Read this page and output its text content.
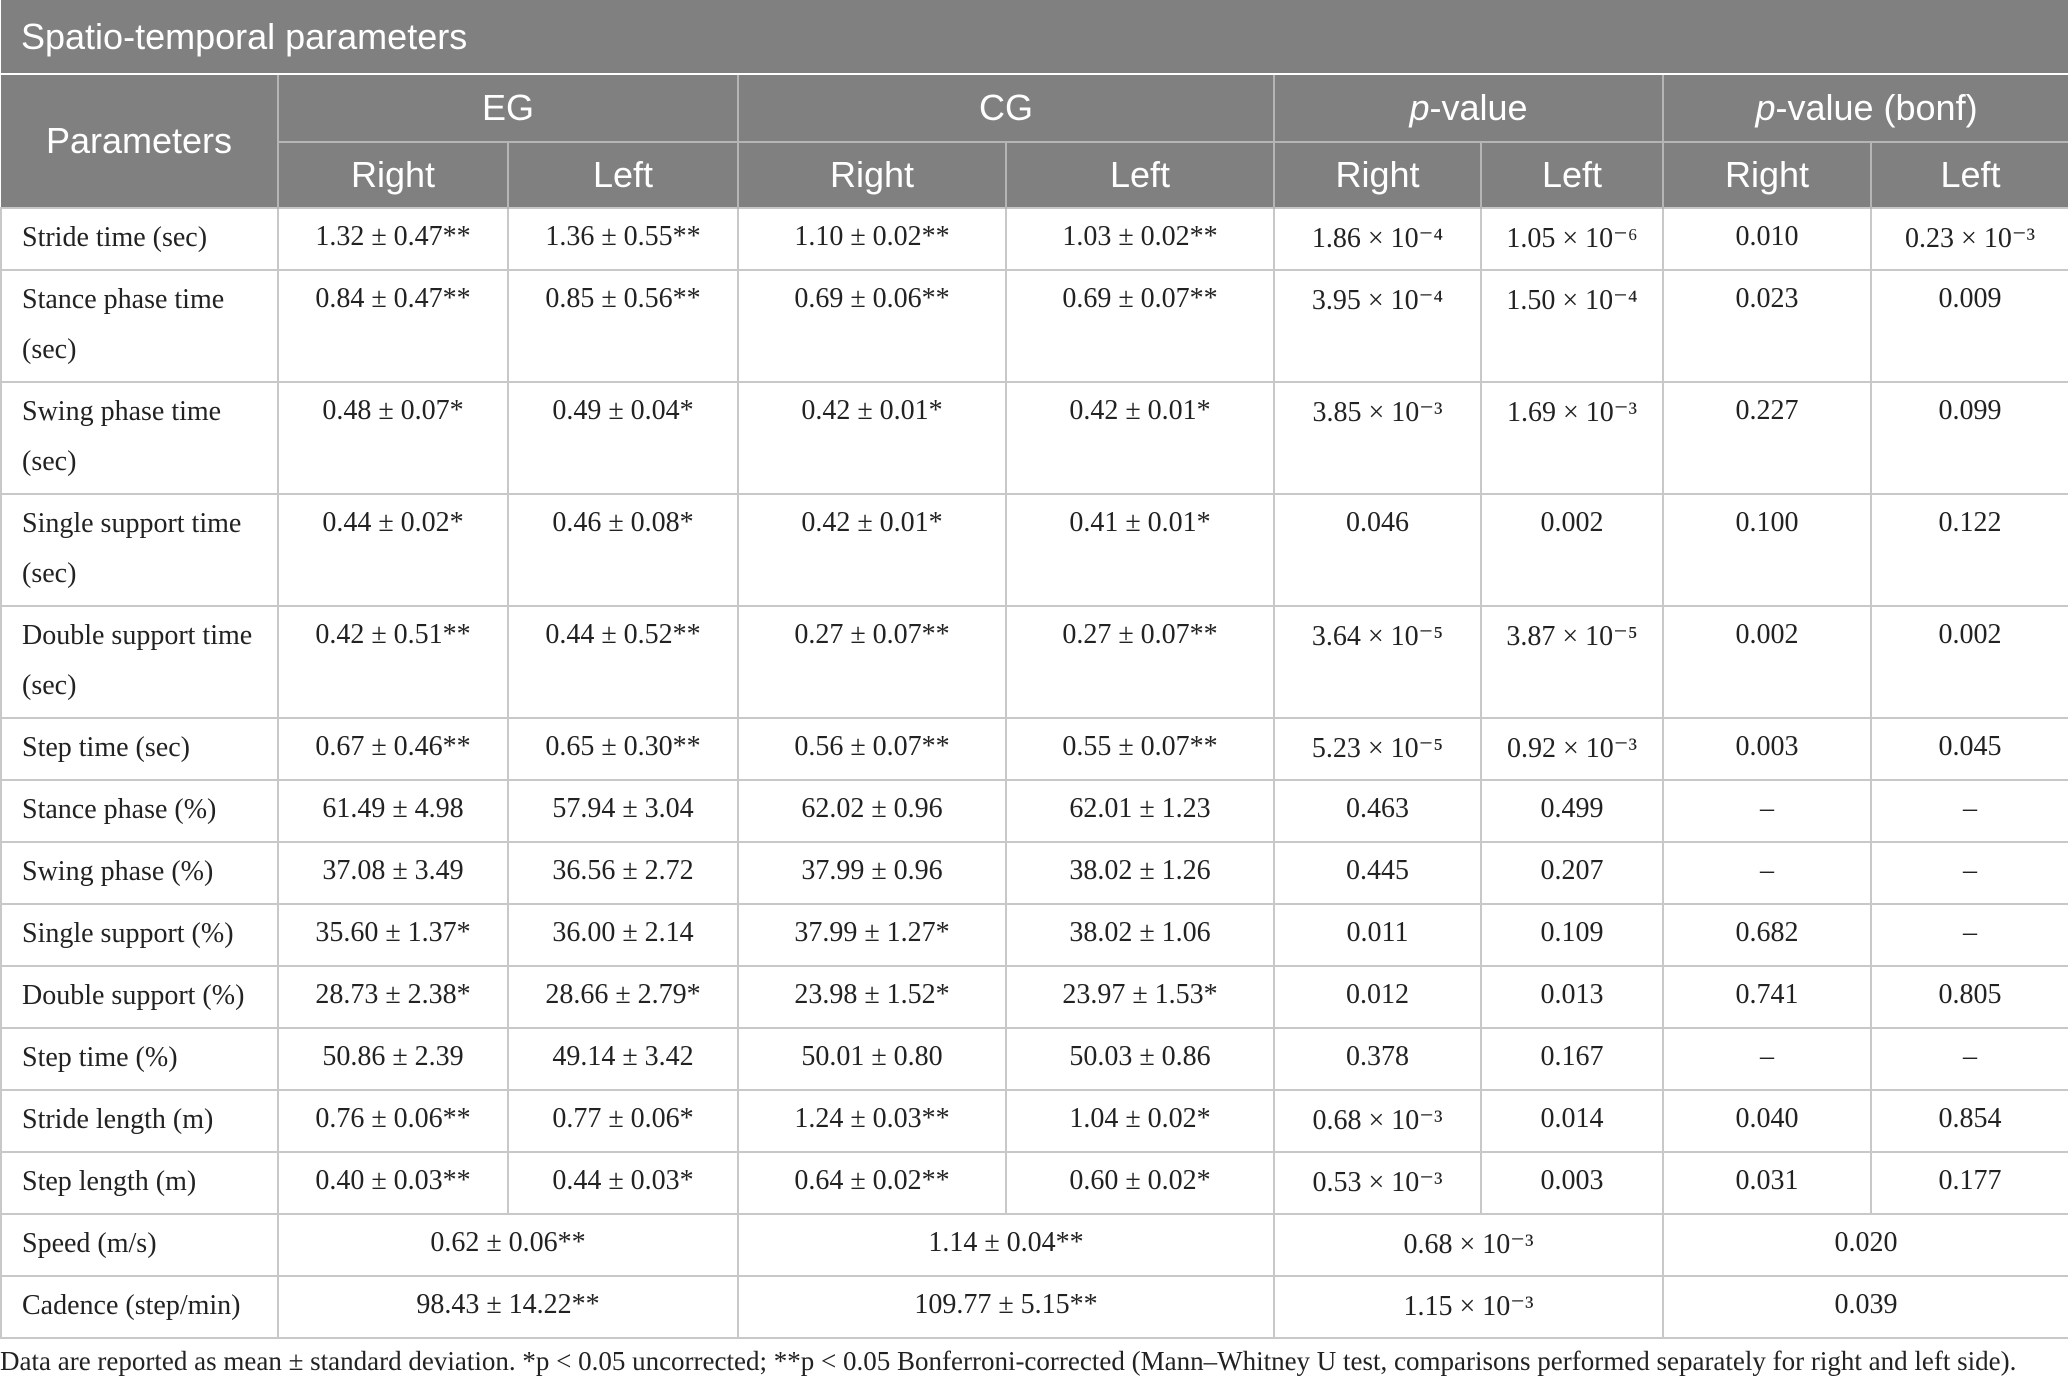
Spatio-temporal parameters								
Parameters	EG		CG		p-value		p-value (bonf)	
	Right	Left	Right	Left	Right	Left	Right	Left
Stride time (sec)	1.32 ± 0.47**	1.36 ± 0.55**	1.10 ± 0.02**	1.03 ± 0.02**	1.86 × 10⁻⁴	1.05 × 10⁻⁶	0.010	0.23 × 10⁻³
Stance phase time (sec)	0.84 ± 0.47**	0.85 ± 0.56**	0.69 ± 0.06**	0.69 ± 0.07**	3.95 × 10⁻⁴	1.50 × 10⁻⁴	0.023	0.009
Swing phase time (sec)	0.48 ± 0.07*	0.49 ± 0.04*	0.42 ± 0.01*	0.42 ± 0.01*	3.85 × 10⁻³	1.69 × 10⁻³	0.227	0.099
Single support time (sec)	0.44 ± 0.02*	0.46 ± 0.08*	0.42 ± 0.01*	0.41 ± 0.01*	0.046	0.002	0.100	0.122
Double support time (sec)	0.42 ± 0.51**	0.44 ± 0.52**	0.27 ± 0.07**	0.27 ± 0.07**	3.64 × 10⁻⁵	3.87 × 10⁻⁵	0.002	0.002
Step time (sec)	0.67 ± 0.46**	0.65 ± 0.30**	0.56 ± 0.07**	0.55 ± 0.07**	5.23 × 10⁻⁵	0.92 × 10⁻³	0.003	0.045
Stance phase (%)	61.49 ± 4.98	57.94 ± 3.04	62.02 ± 0.96	62.01 ± 1.23	0.463	0.499	–	–
Swing phase (%)	37.08 ± 3.49	36.56 ± 2.72	37.99 ± 0.96	38.02 ± 1.26	0.445	0.207	–	–
Single support (%)	35.60 ± 1.37*	36.00 ± 2.14	37.99 ± 1.27*	38.02 ± 1.06	0.011	0.109	0.682	–
Double support (%)	28.73 ± 2.38*	28.66 ± 2.79*	23.98 ± 1.52*	23.97 ± 1.53*	0.012	0.013	0.741	0.805
Step time (%)	50.86 ± 2.39	49.14 ± 3.42	50.01 ± 0.80	50.03 ± 0.86	0.378	0.167	–	–
Stride length (m)	0.76 ± 0.06**	0.77 ± 0.06*	1.24 ± 0.03**	1.04 ± 0.02*	0.68 × 10⁻³	0.014	0.040	0.854
Step length (m)	0.40 ± 0.03**	0.44 ± 0.03*	0.64 ± 0.02**	0.60 ± 0.02*	0.53 × 10⁻³	0.003	0.031	0.177
Speed (m/s)	0.62 ± 0.06**		1.14 ± 0.04**		0.68 × 10⁻³		0.020	
Cadence (step/min)	98.43 ± 14.22**		109.77 ± 5.15**		1.15 × 10⁻³		0.039	
Data are reported as mean ± standard deviation. *p < 0.05 uncorrected; **p < 0.05 Bonferroni-corrected (Mann–Whitney U test, comparisons performed separately for right and left side).
